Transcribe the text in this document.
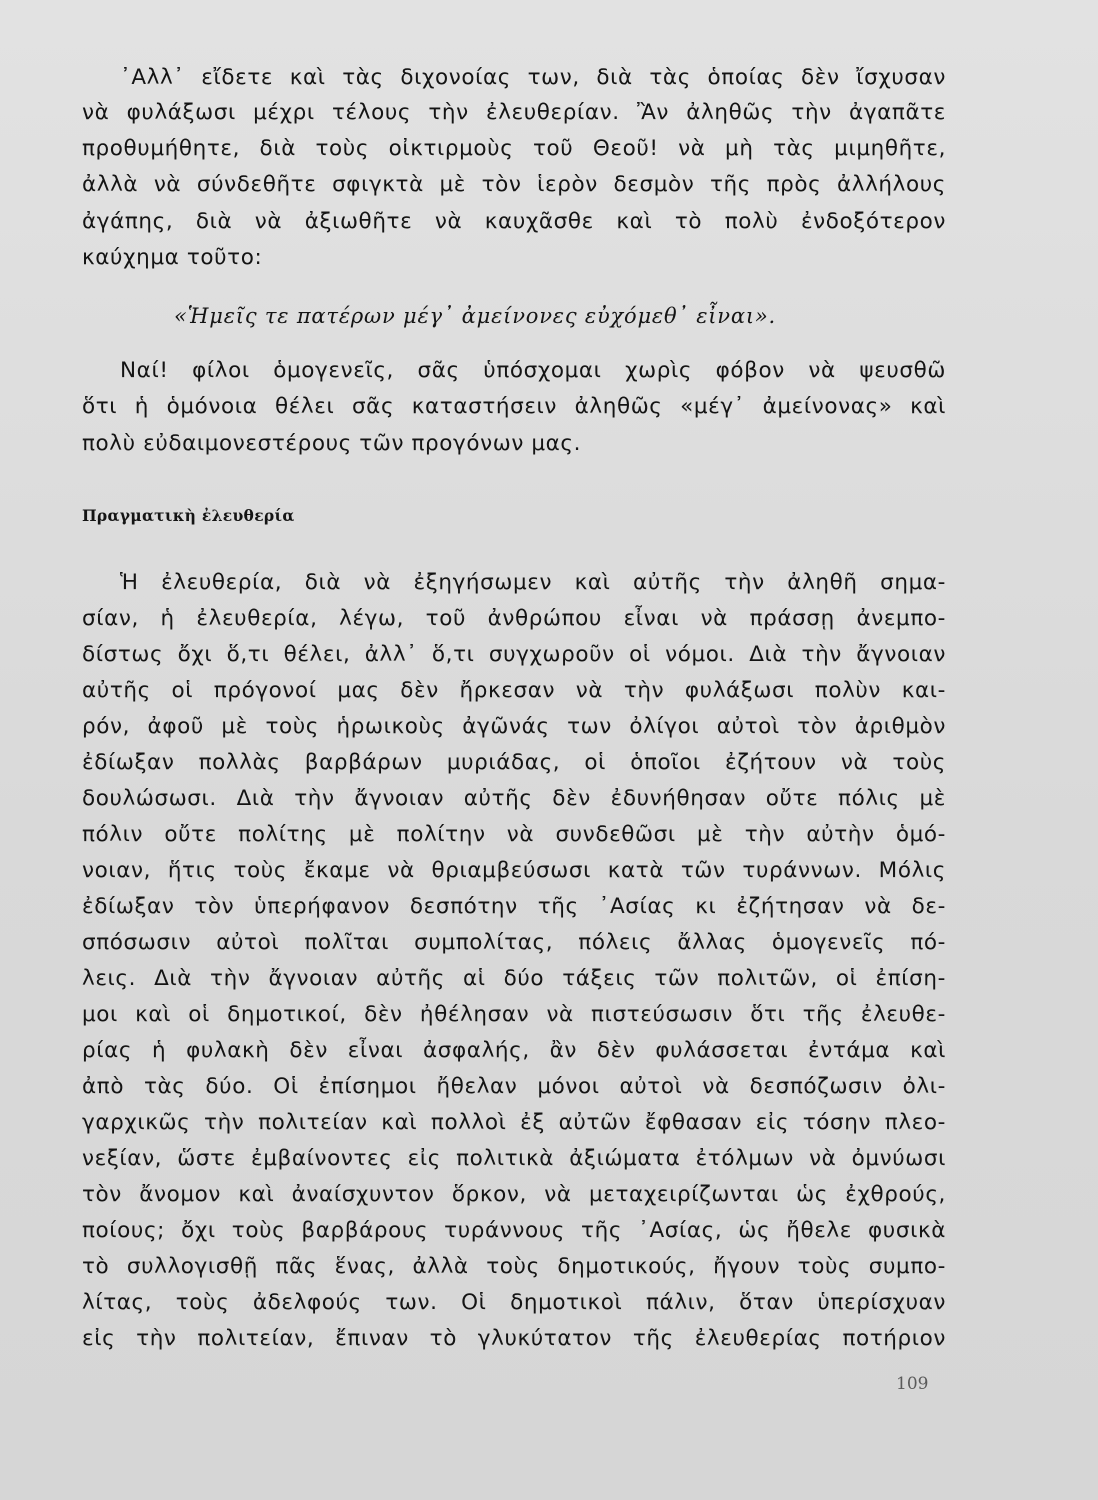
᾿Αλλ᾿ εἴδετε καὶ τὰς διχονοίας των, διὰ τὰς ὁποίας δὲν ἴσχυσαν
νὰ φυλάξωσι μέχρι τέλους τὴν ἐλευθερίαν. Ἂν ἀληθῶς τὴν ἀγαπᾶτε
προθυμήθητε, διὰ τοὺς οἰκτιρμοὺς τοῦ Θεοῦ! νὰ μὴ τὰς μιμηθῆτε,
ἀλλὰ νὰ σύνδεθῆτε σφιγκτὰ μὲ τὸν ἱερὸν δεσμὸν τῆς πρὸς ἀλλήλους
ἀγάπης, διὰ νὰ ἀξιωθῆτε νὰ καυχᾶσθε καὶ τὸ πολὺ ἐνδοξότερον
καύχημα τοῦτο:
«Ἡμεῖς τε πατέρων μέγ᾿ ἀμείνονες εὐχόμεθ᾿ εἶναι».
Ναί! φίλοι ὁμογενεῖς, σᾶς ὑπόσχομαι χωρὶς φόβον νὰ ψευσθῶ
ὅτι ἡ ὁμόνοια θέλει σᾶς καταστήσειν ἀληθῶς «μέγ᾿ ἀμείνονας» καὶ
πολὺ εὐδαιμονεστέρους τῶν προγόνων μας.
Πραγματικὴ ἐλευθερία
Ἡ ἐλευθερία, διὰ νὰ ἐξηγήσωμεν καὶ αὐτῆς τὴν ἀληθῆ σημα-
σίαν, ἡ ἐλευθερία, λέγω, τοῦ ἀνθρώπου εἶναι νὰ πράσσῃ ἀνεμπο-
δίστως ὄχι ὅ,τι θέλει, ἀλλ᾿ ὅ,τι συγχωροῦν οἱ νόμοι. Διὰ τὴν ἄγνοιαν
αὐτῆς οἱ πρόγονοί μας δὲν ἤρκεσαν νὰ τὴν φυλάξωσι πολὺν και-
ρόν, ἀφοῦ μὲ τοὺς ἡρωικοὺς ἀγῶνάς των ὀλίγοι αὐτοὶ τὸν ἀριθμὸν
ἐδίωξαν πολλὰς βαρβάρων μυριάδας, οἱ ὁποῖοι ἐζήτουν νὰ τοὺς
δουλώσωσι. Διὰ τὴν ἄγνοιαν αὐτῆς δὲν ἐδυνήθησαν οὔτε πόλις μὲ
πόλιν οὔτε πολίτης μὲ πολίτην νὰ συνδεθῶσι μὲ τὴν αὐτὴν ὁμό-
νοιαν, ἥτις τοὺς ἔκαμε νὰ θριαμβεύσωσι κατὰ τῶν τυράννων. Μόλις
ἐδίωξαν τὸν ὑπερήφανον δεσπότην τῆς ᾿Ασίας κι ἐζήτησαν νὰ δε-
σπόσωσιν αὐτοὶ πολῖται συμπολίτας, πόλεις ἄλλας ὁμογενεῖς πό-
λεις. Διὰ τὴν ἄγνοιαν αὐτῆς αἱ δύο τάξεις τῶν πολιτῶν, οἱ ἐπίση-
μοι καὶ οἱ δημοτικοί, δὲν ἠθέλησαν νὰ πιστεύσωσιν ὅτι τῆς ἐλευθε-
ρίας ἡ φυλακὴ δὲν εἶναι ἀσφαλής, ἂν δὲν φυλάσσεται ἐντάμα καὶ
ἀπὸ τὰς δύο. Οἱ ἐπίσημοι ἤθελαν μόνοι αὐτοὶ νὰ δεσπόζωσιν ὀλι-
γαρχικῶς τὴν πολιτείαν καὶ πολλοὶ ἐξ αὐτῶν ἔφθασαν εἰς τόσην πλεο-
νεξίαν, ὥστε ἐμβαίνοντες εἰς πολιτικὰ ἀξιώματα ἐτόλμων νὰ ὀμνύωσι
τὸν ἄνομον καὶ ἀναίσχυντον ὅρκον, νὰ μεταχειρίζωνται ὡς ἐχθρούς,
ποίους; ὄχι τοὺς βαρβάρους τυράννους τῆς ᾿Ασίας, ὡς ἤθελε φυσικὰ
τὸ συλλογισθῇ πᾶς ἕνας, ἀλλὰ τοὺς δημοτικούς, ἤγουν τοὺς συμπο-
λίτας, τοὺς ἀδελφούς των. Οἱ δημοτικοὶ πάλιν, ὅταν ὑπερίσχυαν
εἰς τὴν πολιτείαν, ἔπιναν τὸ γλυκύτατον τῆς ἐλευθερίας ποτήριον
109
